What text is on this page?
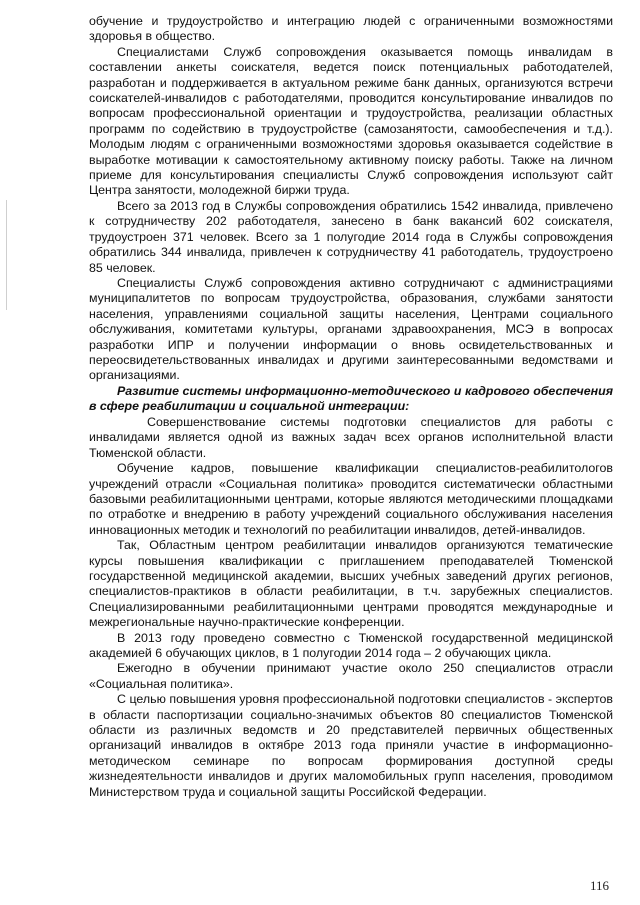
обучение и трудоустройство и интеграцию людей с ограниченными возможностями здоровья в общество.

Специалистами Служб сопровождения оказывается помощь инвалидам в составлении анкеты соискателя, ведется поиск потенциальных работодателей, разработан и поддерживается в актуальном режиме банк данных, организуются встречи соискателей-инвалидов с работодателями, проводится консультирование инвалидов по вопросам профессиональной ориентации и трудоустройства, реализации областных программ по содействию в трудоустройстве (самозанятости, самообеспечения и т.д.). Молодым людям с ограниченными возможностями здоровья оказывается содействие в выработке мотивации к самостоятельному активному поиску работы. Также на личном приеме для консультирования специалисты Служб сопровождения используют сайт Центра занятости, молодежной биржи труда.

Всего за 2013 год в Службы сопровождения обратились 1542 инвалида, привлечено к сотрудничеству 202 работодателя, занесено в банк вакансий 602 соискателя, трудоустроен 371 человек. Всего за 1 полугодие 2014 года в Службы сопровождения обратились 344 инвалида, привлечен к сотрудничеству 41 работодатель, трудоустроено 85 человек.

Специалисты Служб сопровождения активно сотрудничают с администрациями муниципалитетов по вопросам трудоустройства, образования, службами занятости населения, управлениями социальной защиты населения, Центрами социального обслуживания, комитетами культуры, органами здравоохранения, МСЭ в вопросах разработки ИПР и получении информации о вновь освидетельствованных и переосвидетельствованных инвалидах и другими заинтересованными ведомствами и организациями.

Развитие системы информационно-методического и кадрового обеспечения в сфере реабилитации и социальной интеграции:

Совершенствование системы подготовки специалистов для работы с инвалидами является одной из важных задач всех органов исполнительной власти Тюменской области.

Обучение кадров, повышение квалификации специалистов-реабилитологов учреждений отрасли «Социальная политика» проводится систематически областными базовыми реабилитационными центрами, которые являются методическими площадками по отработке и внедрению в работу учреждений социального обслуживания населения инновационных методик и технологий по реабилитации инвалидов, детей-инвалидов.

Так, Областным центром реабилитации инвалидов организуются тематические курсы повышения квалификации с приглашением преподавателей Тюменской государственной медицинской академии, высших учебных заведений других регионов, специалистов-практиков в области реабилитации, в т.ч. зарубежных специалистов. Специализированными реабилитационными центрами проводятся международные и межрегиональные научно-практические конференции.

В 2013 году проведено совместно с Тюменской государственной медицинской академией 6 обучающих циклов, в 1 полугодии 2014 года – 2 обучающих цикла.

Ежегодно в обучении принимают участие около 250 специалистов отрасли «Социальная политика».

С целью повышения уровня профессиональной подготовки специалистов - экспертов в области паспортизации социально-значимых объектов 80 специалистов Тюменской области из различных ведомств и 20 представителей первичных общественных организаций инвалидов в октябре 2013 года приняли участие в информационно-методическом семинаре по вопросам формирования доступной среды жизнедеятельности инвалидов и других маломобильных групп населения, проводимом Министерством труда и социальной защиты Российской Федерации.

116
